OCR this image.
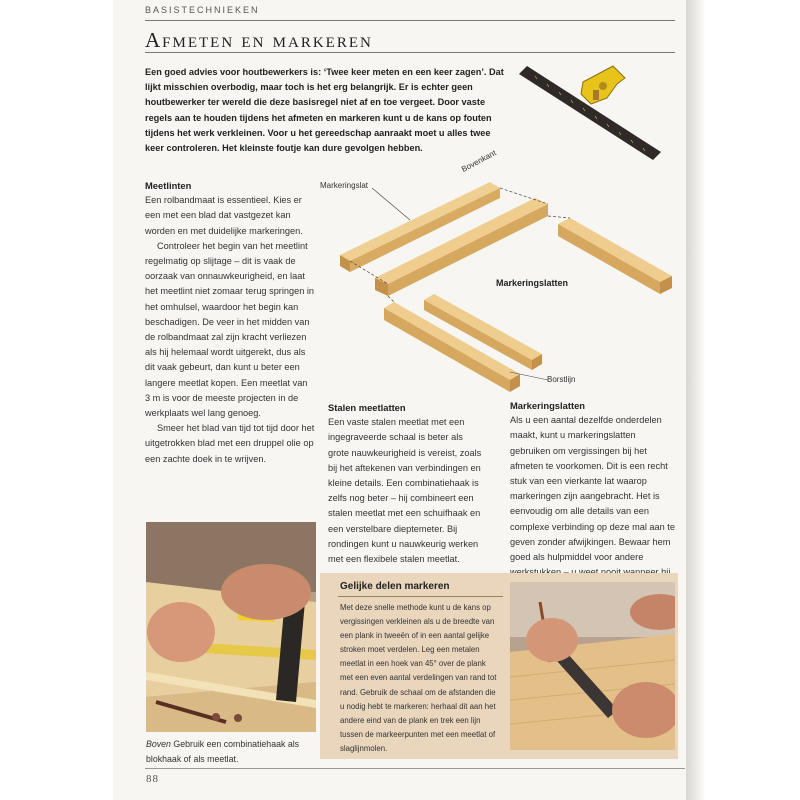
BASISTECHNIEKEN
Afmeten en markeren

Een goed advies voor houtbewerkers is: ‘Twee keer meten en een keer zagen’. Dat lijkt misschien overbodig, maar toch is het erg belangrijk. Er is echter geen houtbewerker ter wereld die deze basisregel niet af en toe vergeet. Door vaste regels aan te houden tijdens het afmeten en markeren kunt u de kans op fouten tijdens het werk verkleinen. Voor u het gereedschap aanraakt moet u alles twee keer controleren. Het kleinste foutje kan dure gevolgen hebben.

Meetlinten

Een rolbandmaat is essentieel. Kies er een met een blad dat vastgezet kan worden en met duidelijke markeringen.

Controleer het begin van het meetlint regelmatig op slijtage – dit is vaak de oorzaak van onnauwkeurigheid, en laat het meetlint niet zomaar terug springen in het omhulsel, waardoor het begin kan beschadigen. De veer in het midden van de rolbandmaat zal zijn kracht verliezen als hij helemaal wordt uitgerekt, dus als dit vaak gebeurt, dan kunt u beter een langere meetlat kopen. Een meetlat van 3 m is voor de meeste projecten in de werkplaats wel lang genoeg.

Smeer het blad van tijd tot tijd door het uitgetrokken blad met een druppel olie op een zachte doek in te wrijven.

Markeringslat
Bovenkant
Markeringslatten
Borstlijn

Stalen meetlatten

Een vaste stalen meetlat met een ingegraveerde schaal is beter als grote nauwkeurigheid is vereist, zoals bij het aftekenen van verbindingen en kleine details. Een combinatiehaak is zelfs nog beter – hij combineert een stalen meetlat met een schuifhaak en een verstelbare dieptemeter. Bij rondingen kunt u nauwkeurig werken met een flexibele stalen meetlat.

Markeringslatten

Als u een aantal dezelfde onderdelen maakt, kunt u markeringslatten gebruiken om vergissingen bij het afmeten te voorkomen. Dit is een recht stuk van een vierkante lat waarop markeringen zijn aangebracht. Het is eenvoudig om alle details van een complexe verbinding op deze mal aan te geven zonder afwijkingen. Bewaar hem goed als hulpmiddel voor andere

Boven Gebruik een combinatiehaak als blokhaak of als meetlat.
Gelijke delen markeren
Met deze snelle methode kunt u de kans op vergissingen verkleinen als u de breedte van een plank in tweeën of in een aantal gelijke stroken moet verdelen. Leg een metalen meetlat in een hoek van 45° over de plank met een even aantal verdelingen van rand tot rand. Gebruik de schaal om de afstanden die u nodig hebt te markeren: herhaal dit aan het andere eind van de plank en trek een lijn tussen de markeerpunten met een meetlat of slaglijnmolen.
88
